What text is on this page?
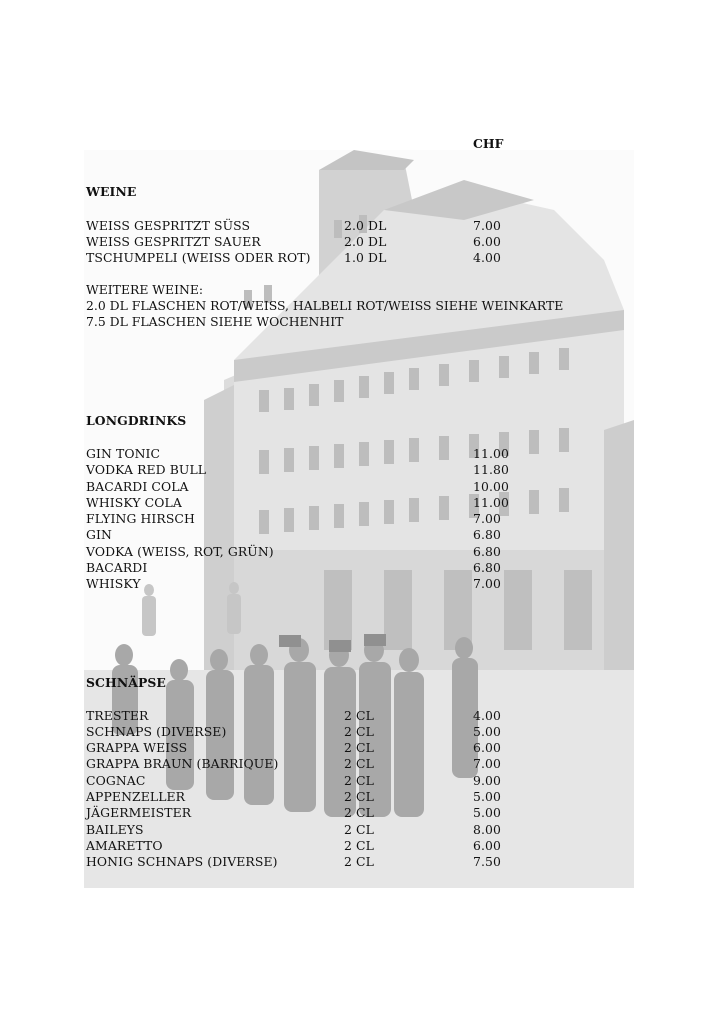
CHF
WEINE
WEISS GESPRITZT SÜSS	2.0 DL	7.00
WEISS GESPRITZT SAUER	2.0 DL	6.00
TSCHUMPELI (WEISS ODER ROT)	1.0 DL	4.00
WEITERE WEINE:
2.0 DL FLASCHEN ROT/WEISS, HALBELI ROT/WEISS SIEHE WEINKARTE
7.5 DL FLASCHEN SIEHE WOCHENHIT
LONGDRINKS
GIN TONIC	11.00
VODKA RED BULL	11.80
BACARDI COLA	10.00
WHISKY COLA	11.00
FLYING HIRSCH	7.00
GIN	6.80
VODKA (WEISS, ROT, GRÜN)	6.80
BACARDI	6.80
WHISKY	7.00
SCHNÄPSE
TRESTER	2 CL	4.00
SCHNAPS (DIVERSE)	2 CL	5.00
GRAPPA WEISS	2 CL	6.00
GRAPPA BRAUN (BARRIQUE)	2 CL	7.00
COGNAC	2 CL	9.00
APPENZELLER	2 CL	5.00
JÄGERMEISTER	2 CL	5.00
BAILEYS	2 CL	8.00
AMARETTO	2 CL	6.00
HONIG SCHNAPS (DIVERSE)	2 CL	7.50
